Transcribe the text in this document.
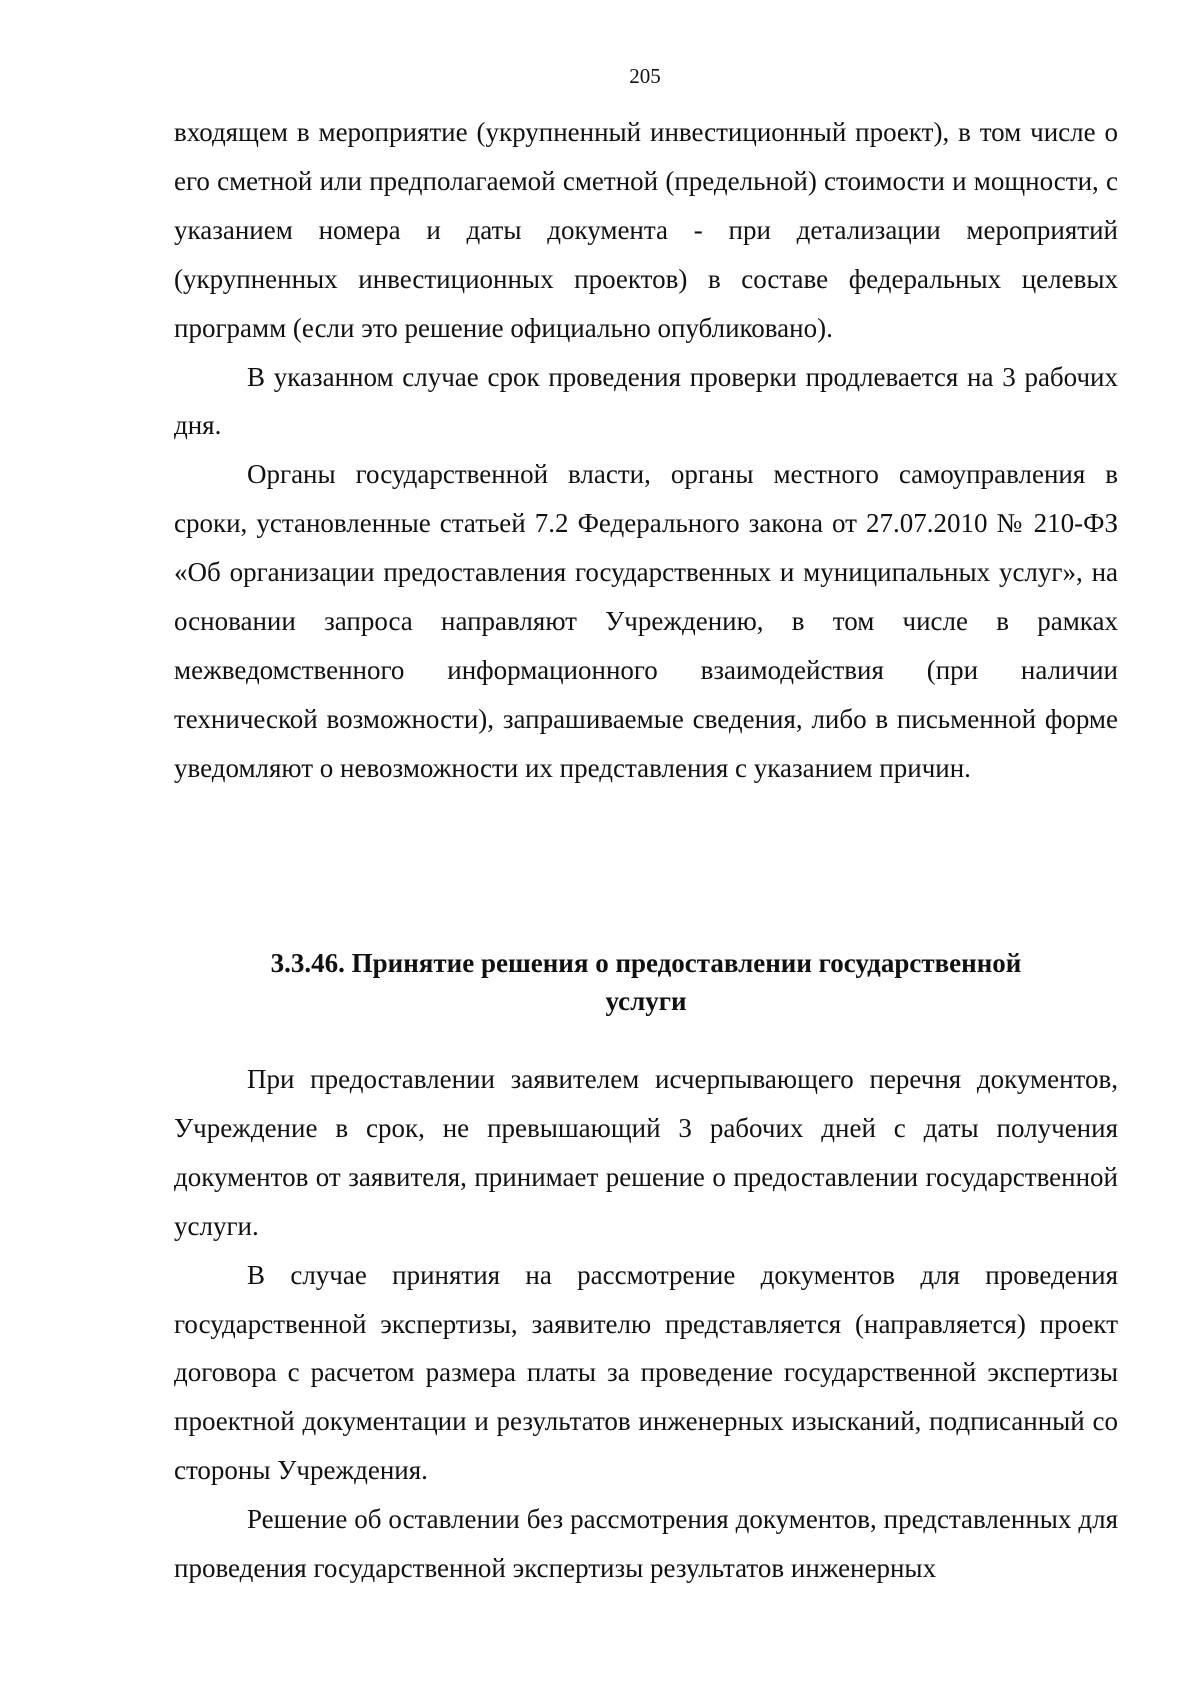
205

входящем в мероприятие (укрупненный инвестиционный проект), в том числе о его сметной или предполагаемой сметной (предельной) стоимости и мощности, с указанием номера и даты документа - при детализации мероприятий (укрупненных инвестиционных проектов) в составе федеральных целевых программ (если это решение официально опубликовано).

В указанном случае срок проведения проверки продлевается на 3 рабочих дня.

Органы государственной власти, органы местного самоуправления в сроки, установленные статьей 7.2 Федерального закона от 27.07.2010 № 210-ФЗ «Об организации предоставления государственных и муниципальных услуг», на основании запроса направляют Учреждению, в том числе в рамках межведомственного информационного взаимодействия (при наличии технической возможности), запрашиваемые сведения, либо в письменной форме уведомляют о невозможности их представления с указанием причин.

3.3.46. Принятие решения о предоставлении государственной
услуги

При предоставлении заявителем исчерпывающего перечня документов, Учреждение в срок, не превышающий 3 рабочих дней с даты получения документов от заявителя, принимает решение о предоставлении государственной услуги.

В случае принятия на рассмотрение документов для проведения государственной экспертизы, заявителю представляется (направляется) проект договора с расчетом размера платы за проведение государственной экспертизы проектной документации и результатов инженерных изысканий, подписанный со стороны Учреждения.

Решение об оставлении без рассмотрения документов, представленных для проведения государственной экспертизы результатов инженерных
